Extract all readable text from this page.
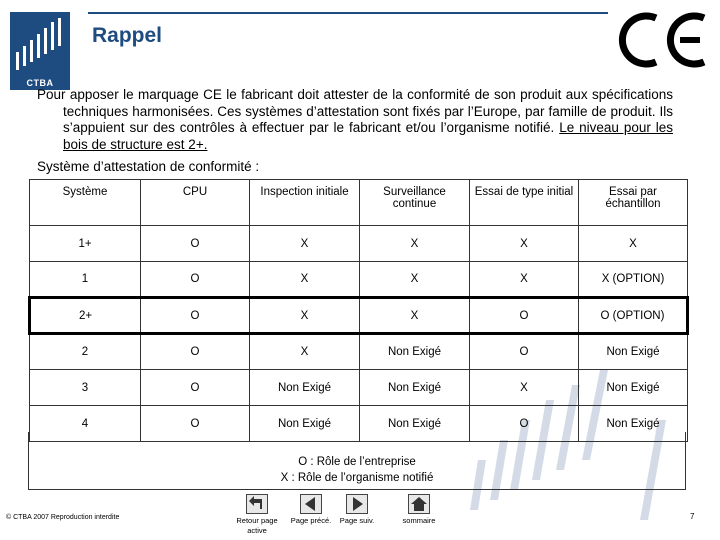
CTBA
Rappel
Pour apposer le marquage CE le fabricant doit attester de la conformité de son produit aux spécifications techniques harmonisées. Ces systèmes d’attestation sont fixés par l’Europe, par famille de produit. Ils s’appuient sur des contrôles à effectuer par le fabricant et/ou l’organisme notifié. Le niveau pour les bois de structure est 2+.
Système d’attestation de conformité :
Système	CPU	Inspection initiale	Surveillance continue	Essai de type initial	Essai par échantillon
1+	O	X	X	X	X
1	O	X	X	X	X (OPTION)
2+	O	X	X	O	O (OPTION)
2	O	X	Non Exigé	O	Non Exigé
3	O	Non Exigé	Non Exigé	X	Non Exigé
4	O	Non Exigé	Non Exigé	O	Non Exigé
O : Rôle de l’entreprise
X : Rôle de l’organisme notifié
© CTBA 2007 Reproduction interdite	Retour page active
Page précé.	Page suiv.	sommaire	7
